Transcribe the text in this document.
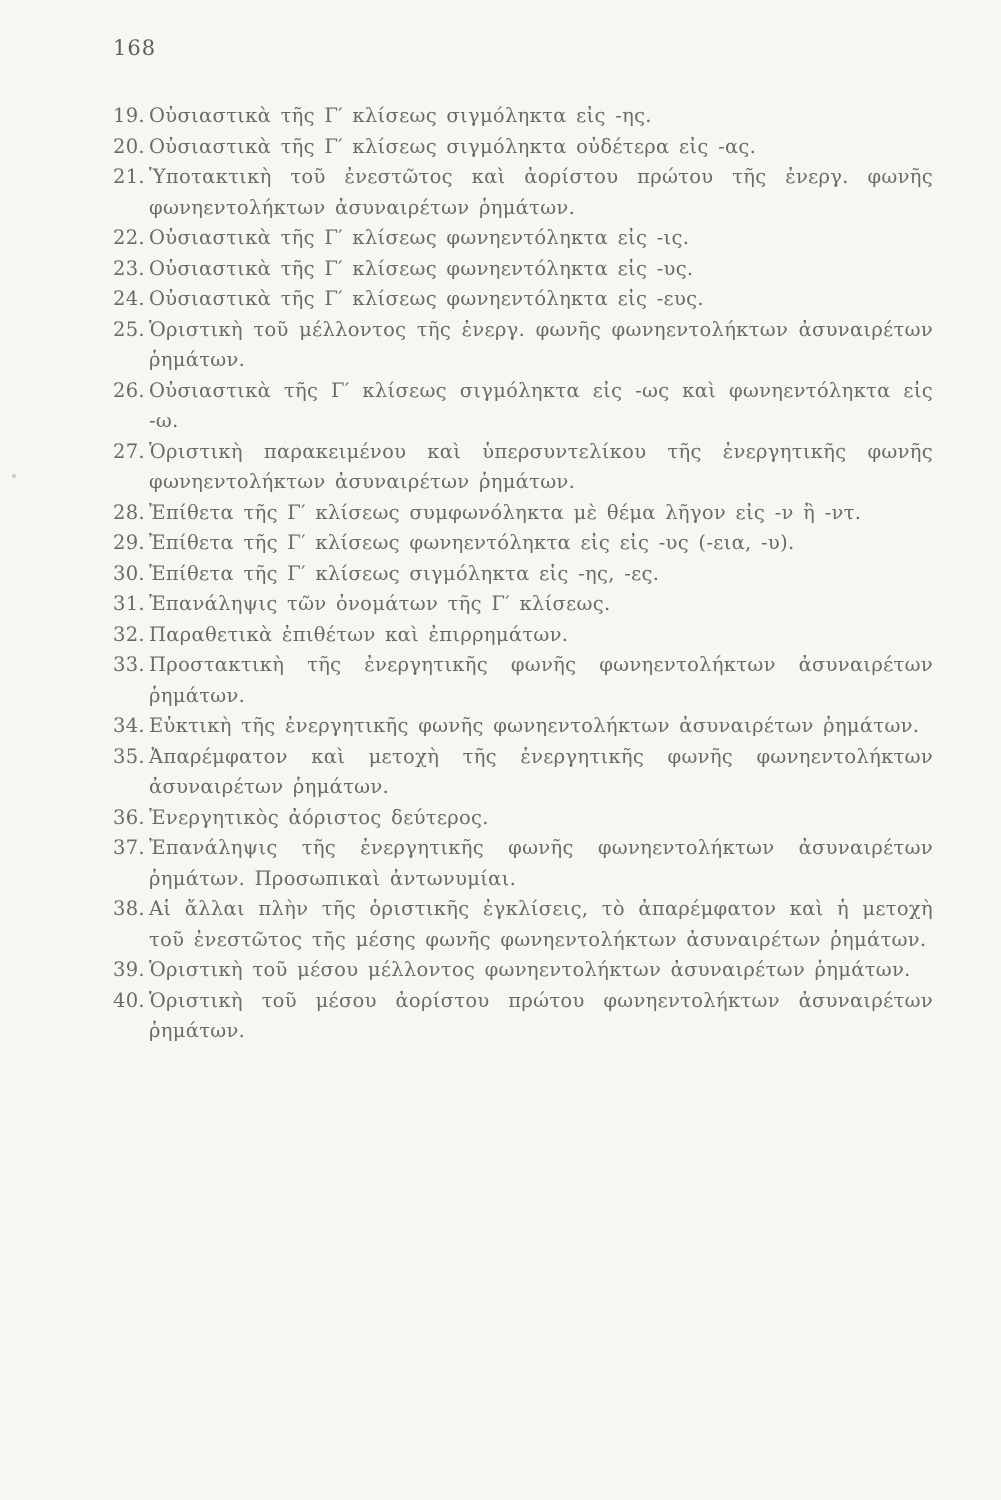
168
19. Οὐσιαστικὰ τῆς Γ′ κλίσεως σιγμόληκτα εἰς -ης.
20. Οὐσιαστικὰ τῆς Γ′ κλίσεως σιγμόληκτα οὐδέτερα εἰς -ας.
21. Ὑποτακτικὴ τοῦ ἐνεστῶτος καὶ ἀορίστου πρώτου τῆς ἐνεργ. φωνῆς φωνηεντολήκτων ἀσυναιρέτων ῥημάτων.
22. Οὐσιαστικὰ τῆς Γ′ κλίσεως φωνηεντόληκτα εἰς -ις.
23. Οὐσιαστικὰ τῆς Γ′ κλίσεως φωνηεντόληκτα εἰς -υς.
24. Οὐσιαστικὰ τῆς Γ′ κλίσεως φωνηεντόληκτα εἰς -ευς.
25. Ὁριστικὴ τοῦ μέλλοντος τῆς ἐνεργ. φωνῆς φωνηεντολήκτων ἀσυναιρέτων ῥημάτων.
26. Οὐσιαστικὰ τῆς Γ′ κλίσεως σιγμόληκτα εἰς -ως καὶ φωνηεντόληκτα εἰς -ω.
27. Ὁριστικὴ παρακειμένου καὶ ὑπερσυντελίκου τῆς ἐνεργητικῆς φωνῆς φωνηεντολήκτων ἀσυναιρέτων ῥημάτων.
28. Ἐπίθετα τῆς Γ′ κλίσεως συμφωνόληκτα μὲ θέμα λῆγον εἰς -ν ἢ -ντ.
29. Ἐπίθετα τῆς Γ′ κλίσεως φωνηεντόληκτα εἰς εἰς -υς (-εια, -υ).
30. Ἐπίθετα τῆς Γ′ κλίσεως σιγμόληκτα εἰς -ης, -ες.
31. Ἐπανάληψις τῶν ὀνομάτων τῆς Γ′ κλίσεως.
32. Παραθετικὰ ἐπιθέτων καὶ ἐπιρρημάτων.
33. Προστακτικὴ τῆς ἐνεργητικῆς φωνῆς φωνηεντολήκτων ἀσυναιρέτων ῥημάτων.
34. Εὐκτικὴ τῆς ἐνεργητικῆς φωνῆς φωνηεντολήκτων ἀσυναιρέτων ῥημάτων.
35. Ἀπαρέμφατον καὶ μετοχὴ τῆς ἐνεργητικῆς φωνῆς φωνηεντολήκτων ἀσυναιρέτων ῥημάτων.
36. Ἐνεργητικὸς ἀόριστος δεύτερος.
37. Ἐπανάληψις τῆς ἐνεργητικῆς φωνῆς φωνηεντολήκτων ἀσυναιρέτων ῥημάτων. Προσωπικαὶ ἀντωνυμίαι.
38. Αἱ ἄλλαι πλὴν τῆς ὁριστικῆς ἐγκλίσεις, τὸ ἀπαρέμφατον καὶ ἡ μετοχὴ τοῦ ἐνεστῶτος τῆς μέσης φωνῆς φωνηεντολήκτων ἀσυναιρέτων ῥημάτων.
39. Ὁριστικὴ τοῦ μέσου μέλλοντος φωνηεντολήκτων ἀσυναιρέτων ῥημάτων.
40. Ὁριστικὴ τοῦ μέσου ἀορίστου πρώτου φωνηεντολήκτων ἀσυναιρέτων ῥημάτων.
